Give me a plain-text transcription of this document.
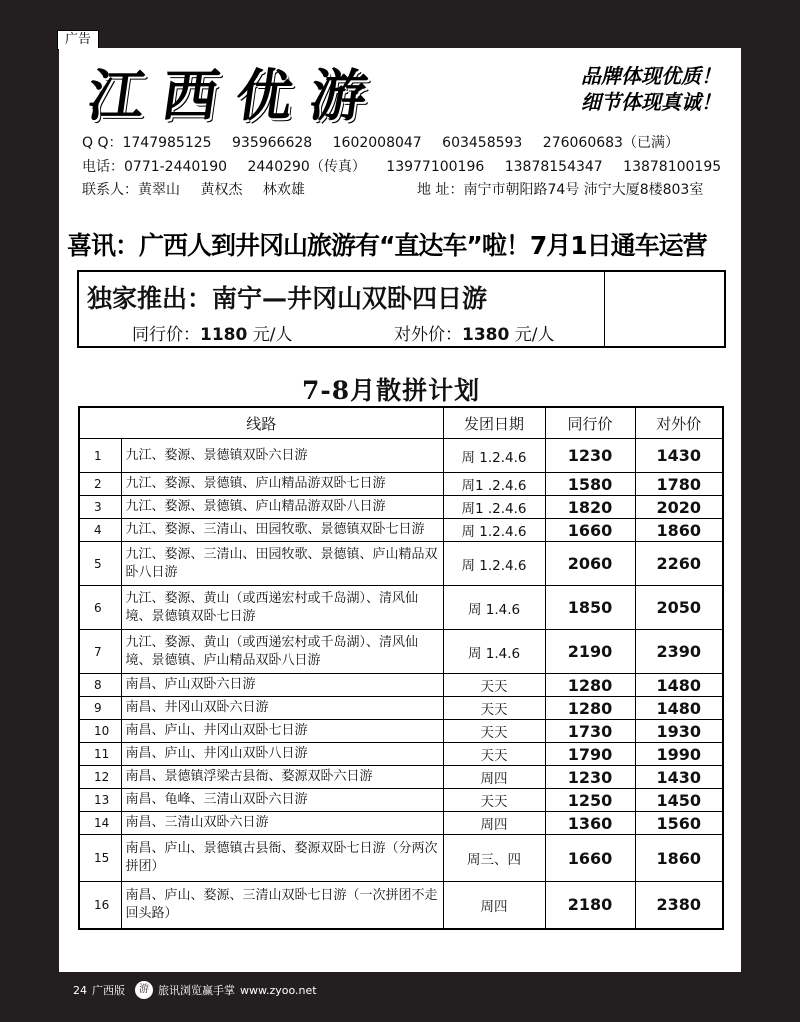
广告
江西优游	品牌体现优质！
细节体现真诚！
Q Q：1747985125 935966628 1602008047 603458593 276060683（已满）
电话：0771-2440190 2440290（传真） 13977100196 13878154347 13878100195
联系人：黄翠山 黄权杰 林欢雄	地 址：南宁市朝阳路74号 沛宁大厦8楼803室
喜讯：广西人到井冈山旅游有“直达车”啦！7月1日通车运营
独家推出：南宁—井冈山双卧四日游
同行价：1180 元/人	对外价：1380 元/人
7-8月散拼计划
线路		发团日期	同行价	对外价
1	九江、婺源、景德镇双卧六日游	周 1.2.4.6	1230	1430
2	九江、婺源、景德镇、庐山精品游双卧七日游	周1 .2.4.6	1580	1780
3	九江、婺源、景德镇、庐山精品游双卧八日游	周1 .2.4.6	1820	2020
4	九江、婺源、三清山、田园牧歌、景德镇双卧七日游	周 1.2.4.6	1660	1860
5	九江、婺源、三清山、田园牧歌、景德镇、庐山精品双卧八日游	周 1.2.4.6	2060	2260
6	九江、婺源、黄山（或西递宏村或千岛湖）、清风仙境、景德镇双卧七日游	周 1.4.6	1850	2050
7	九江、婺源、黄山（或西递宏村或千岛湖）、清风仙境、景德镇、庐山精品双卧八日游	周 1.4.6	2190	2390
8	南昌、庐山双卧六日游	天天	1280	1480
9	南昌、井冈山双卧六日游	天天	1280	1480
10	南昌、庐山、井冈山双卧七日游	天天	1730	1930
11	南昌、庐山、井冈山双卧八日游	天天	1790	1990
12	南昌、景德镇浮梁古县衙、婺源双卧六日游	周四	1230	1430
13	南昌、龟峰、三清山双卧六日游	天天	1250	1450
14	南昌、三清山双卧六日游	周四	1360	1560
15	南昌、庐山、景德镇古县衙、婺源双卧七日游（分两次拼团）	周三、四	1660	1860
16	南昌、庐山、婺源、三清山双卧七日游（一次拼团不走回头路）	周四	2180	2380
24 广西版	游 旅讯浏览赢手掌 www.zyoo.net
